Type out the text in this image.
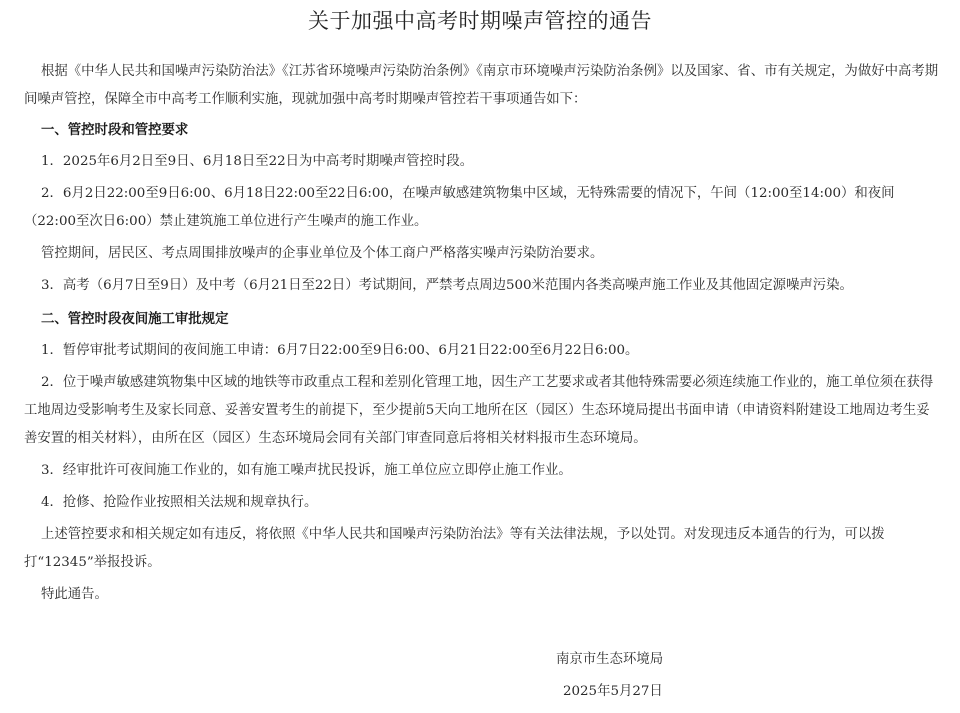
关于加强中高考时期噪声管控的通告
根据《中华人民共和国噪声污染防治法》《江苏省环境噪声污染防治条例》《南京市环境噪声污染防治条例》以及国家、省、市有关规定，为做好中高考期间噪声管控，保障全市中高考工作顺利实施，现就加强中高考时期噪声管控若干事项通告如下：
一、管控时段和管控要求
1．2025年6月2日至9日、6月18日至22日为中高考时期噪声管控时段。
2．6月2日22:00至9日6:00、6月18日22:00至22日6:00，在噪声敏感建筑物集中区域，无特殊需要的情况下，午间（12:00至14:00）和夜间（22:00至次日6:00）禁止建筑施工单位进行产生噪声的施工作业。
管控期间，居民区、考点周围排放噪声的企事业单位及个体工商户严格落实噪声污染防治要求。
3．高考（6月7日至9日）及中考（6月21日至22日）考试期间，严禁考点周边500米范围内各类高噪声施工作业及其他固定源噪声污染。
二、管控时段夜间施工审批规定
1．暂停审批考试期间的夜间施工申请：6月7日22:00至9日6:00、6月21日22:00至6月22日6:00。
2．位于噪声敏感建筑物集中区域的地铁等市政重点工程和差别化管理工地，因生产工艺要求或者其他特殊需要必须连续施工作业的，施工单位须在获得工地周边受影响考生及家长同意、妥善安置考生的前提下，至少提前5天向工地所在区（园区）生态环境局提出书面申请（申请资料附建设工地周边考生妥善安置的相关材料），由所在区（园区）生态环境局会同有关部门审查同意后将相关材料报市生态环境局。
3．经审批许可夜间施工作业的，如有施工噪声扰民投诉，施工单位应立即停止施工作业。
4．抢修、抢险作业按照相关法规和规章执行。
上述管控要求和相关规定如有违反，将依照《中华人民共和国噪声污染防治法》等有关法律法规，予以处罚。对发现违反本通告的行为，可以拨打“12345”举报投诉。
特此通告。
南京市生态环境局
2025年5月27日
